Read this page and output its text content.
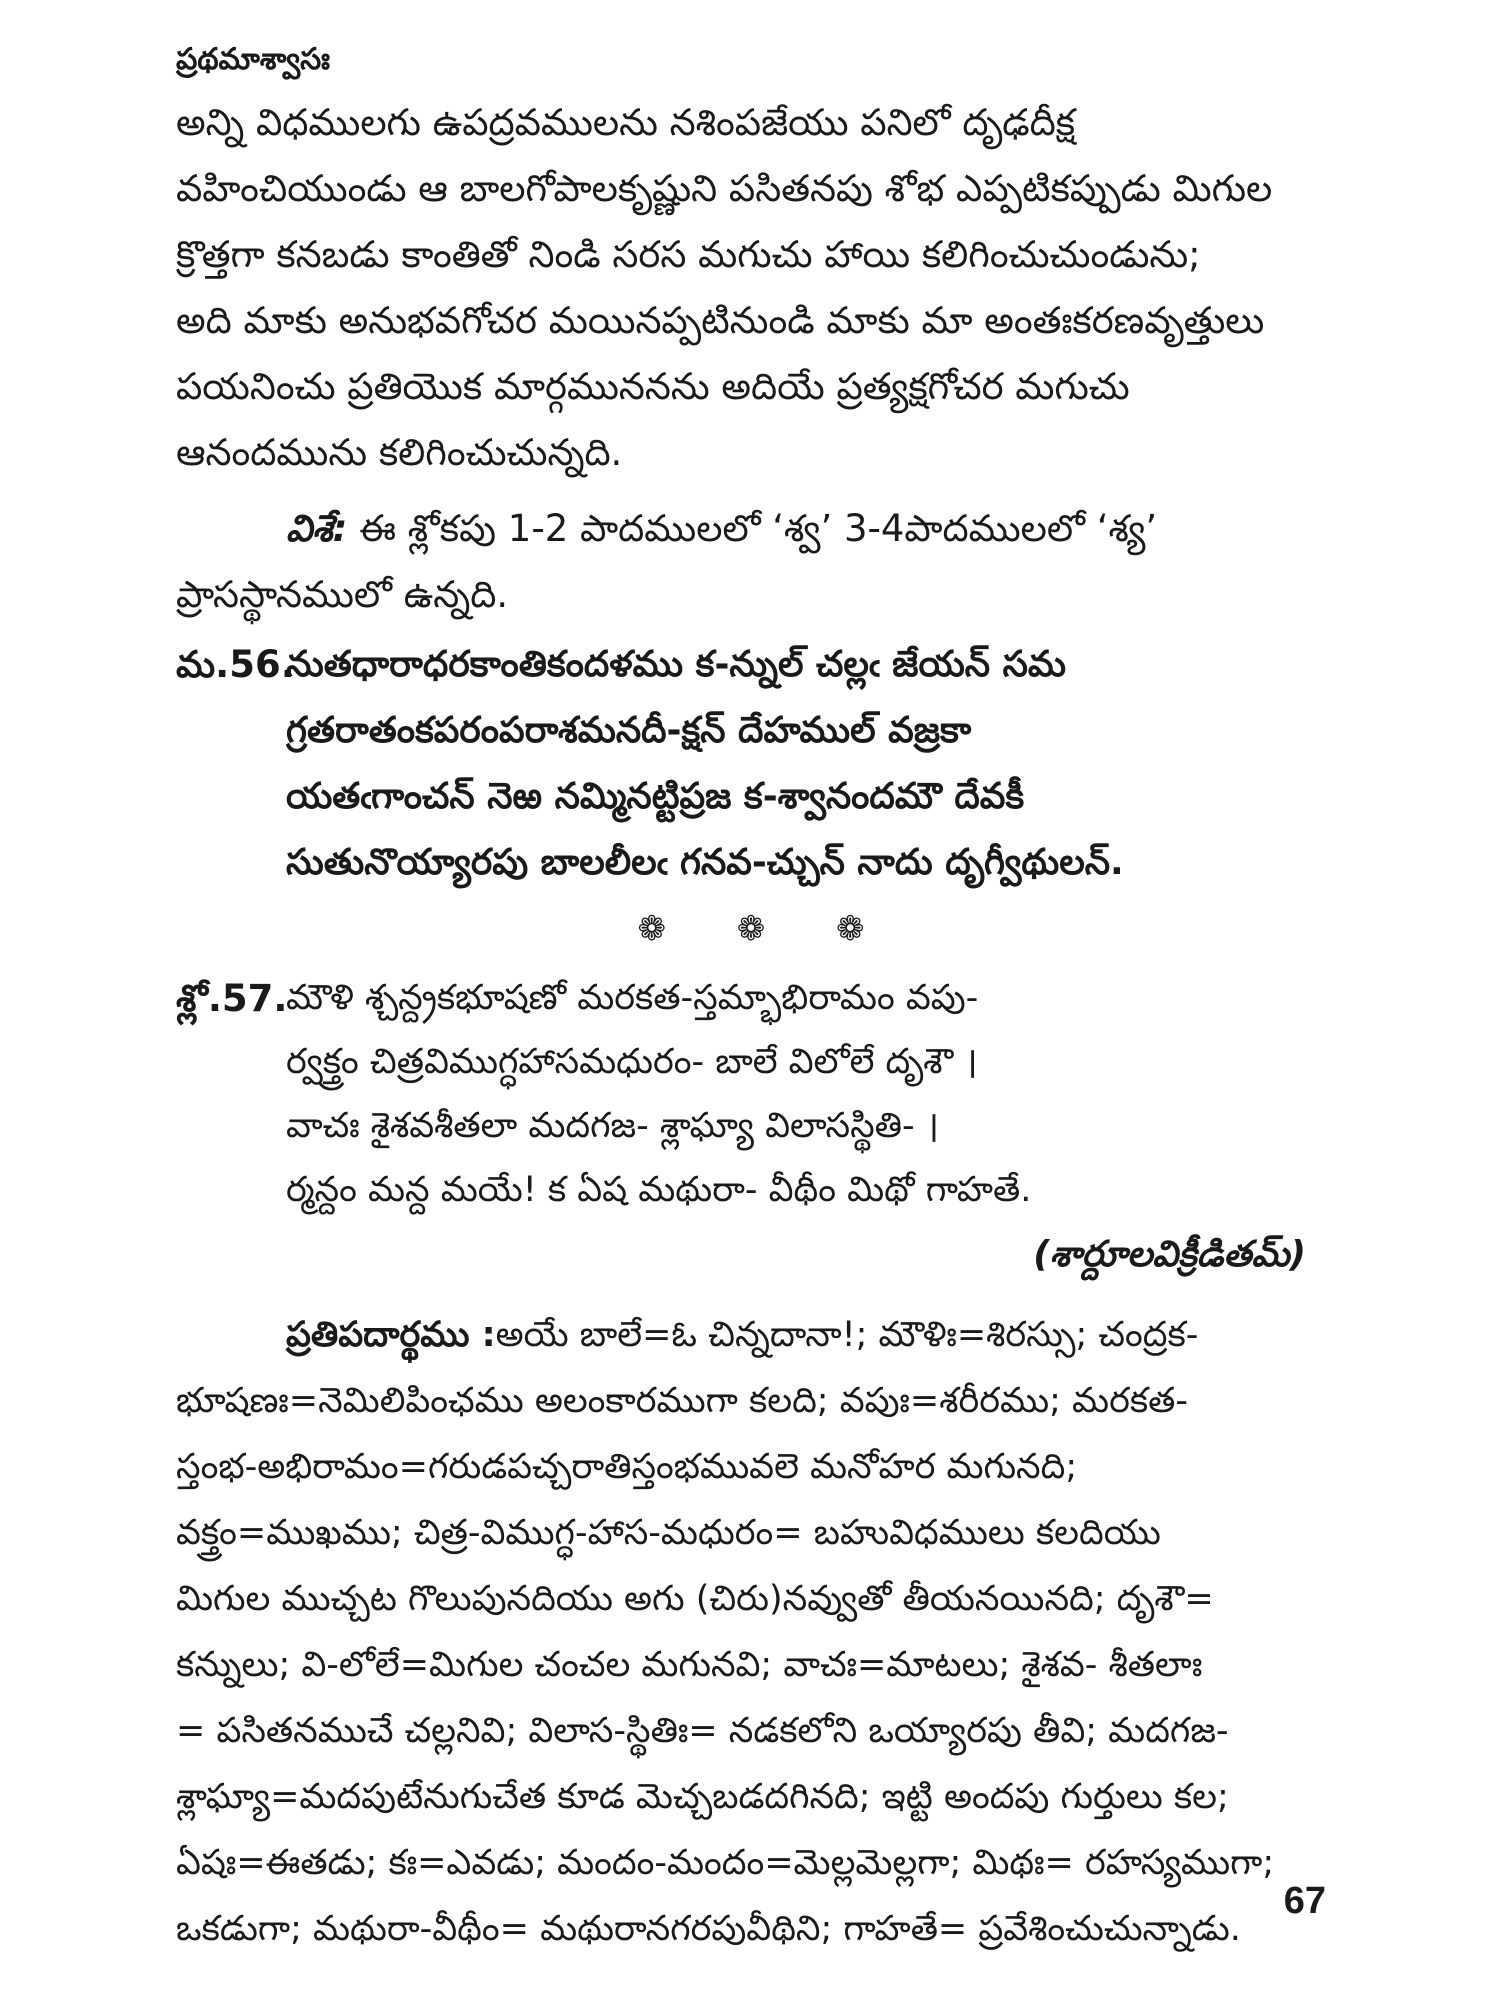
ప్రథమాశ్వాసః

అన్ని విధములగు ఉపద్రవములను నశింపజేయు పనిలో దృఢదీక్ష

వహించియుండు ఆ బాలగోపాలకృష్ణుని పసితనపు శోభ ఎప్పటికప్పుడు మిగుల

క్రొత్తగా కనబడు కాంతితో నిండి సరస మగుచు హాయి కలిగించుచుండును;

అది మాకు అనుభవగోచర మయినప్పటినుండి మాకు మా అంతఃకరణవృత్తులు

పయనించు ప్రతియొక మార్గముననను అదియే ప్రత్యక్షగోచర మగుచు

ఆనందమును కలిగించుచున్నది.

విశే: ఈ శ్లోకపు 1-2 పాదములలో ‘శ్వ’ 3-4పాదములలో ‘శ్య’

ప్రాసస్థానములో ఉన్నది.

మ.56.
నుతధారాధరకాంతికందళము క-న్నుల్ చల్లఁ జేయన్ సమ
గ్రతరాతంకపరంపరాశమనదీ-క్షన్ దేహముల్ వజ్రకా
యతఁగాంచన్ నెఱ నమ్మినట్టిప్రజ క-శ్వానందమౌ దేవకీ
సుతునొయ్యారపు బాలలీలఁ గనవ-చ్చున్ నాదు దృగ్వీథులన్.
❁ ❁ ❁
శ్లో.57.
మౌళి శ్చన్ద్రకభూషణో మరకత-స్తమ్భాభిరామం వపు-
ర్వక్త్రం చిత్రవిముగ్ధహాసమధురం- బాలే విలోలే దృశౌ ।
వాచః శైశవశీతలా మదగజ- శ్లాఘ్యా విలాసస్థితి- ।
ర్మన్దం మన్ద మయే! క ఏష మథురా- వీథీం మిథో గాహతే.
(శార్దూలవిక్రీడితమ్)
ప్రతిపదార్థము :అయే బాలే=ఓ చిన్నదానా!; మౌళిః=శిరస్సు; చంద్రక-
భూషణః=నెమిలిపింఛము అలంకారముగా కలది; వపుః=శరీరము; మరకత-
స్తంభ-అభిరామం=గరుడపచ్చరాతిస్తంభమువలె మనోహర మగునది;
వక్త్రం=ముఖము; చిత్ర-విముగ్ధ-హాస-మధురం= బహువిధములు కలదియు
మిగుల ముచ్చట గొలుపునదియు అగు (చిరు)నవ్వుతో తీయనయినది; దృశౌ=
కన్నులు; వి-లోలే=మిగుల చంచల మగునవి; వాచః=మాటలు; శైశవ- శీతలాః
= పసితనముచే చల్లనివి; విలాస-స్థితిః= నడకలోని ఒయ్యారపు తీవి; మదగజ-
శ్లాఘ్యా=మదపుటేనుగుచేత కూడ మెచ్చబడదగినది; ఇట్టి అందపు గుర్తులు కల;
ఏషః=ఈతడు; కః=ఎవడు; మందం-మందం=మెల్లమెల్లగా; మిథః= రహస్యముగా;
ఒకడుగా; మథురా-వీథీం= మథురానగరపువీథిని; గాహతే= ప్రవేశించుచున్నాడు.
67
